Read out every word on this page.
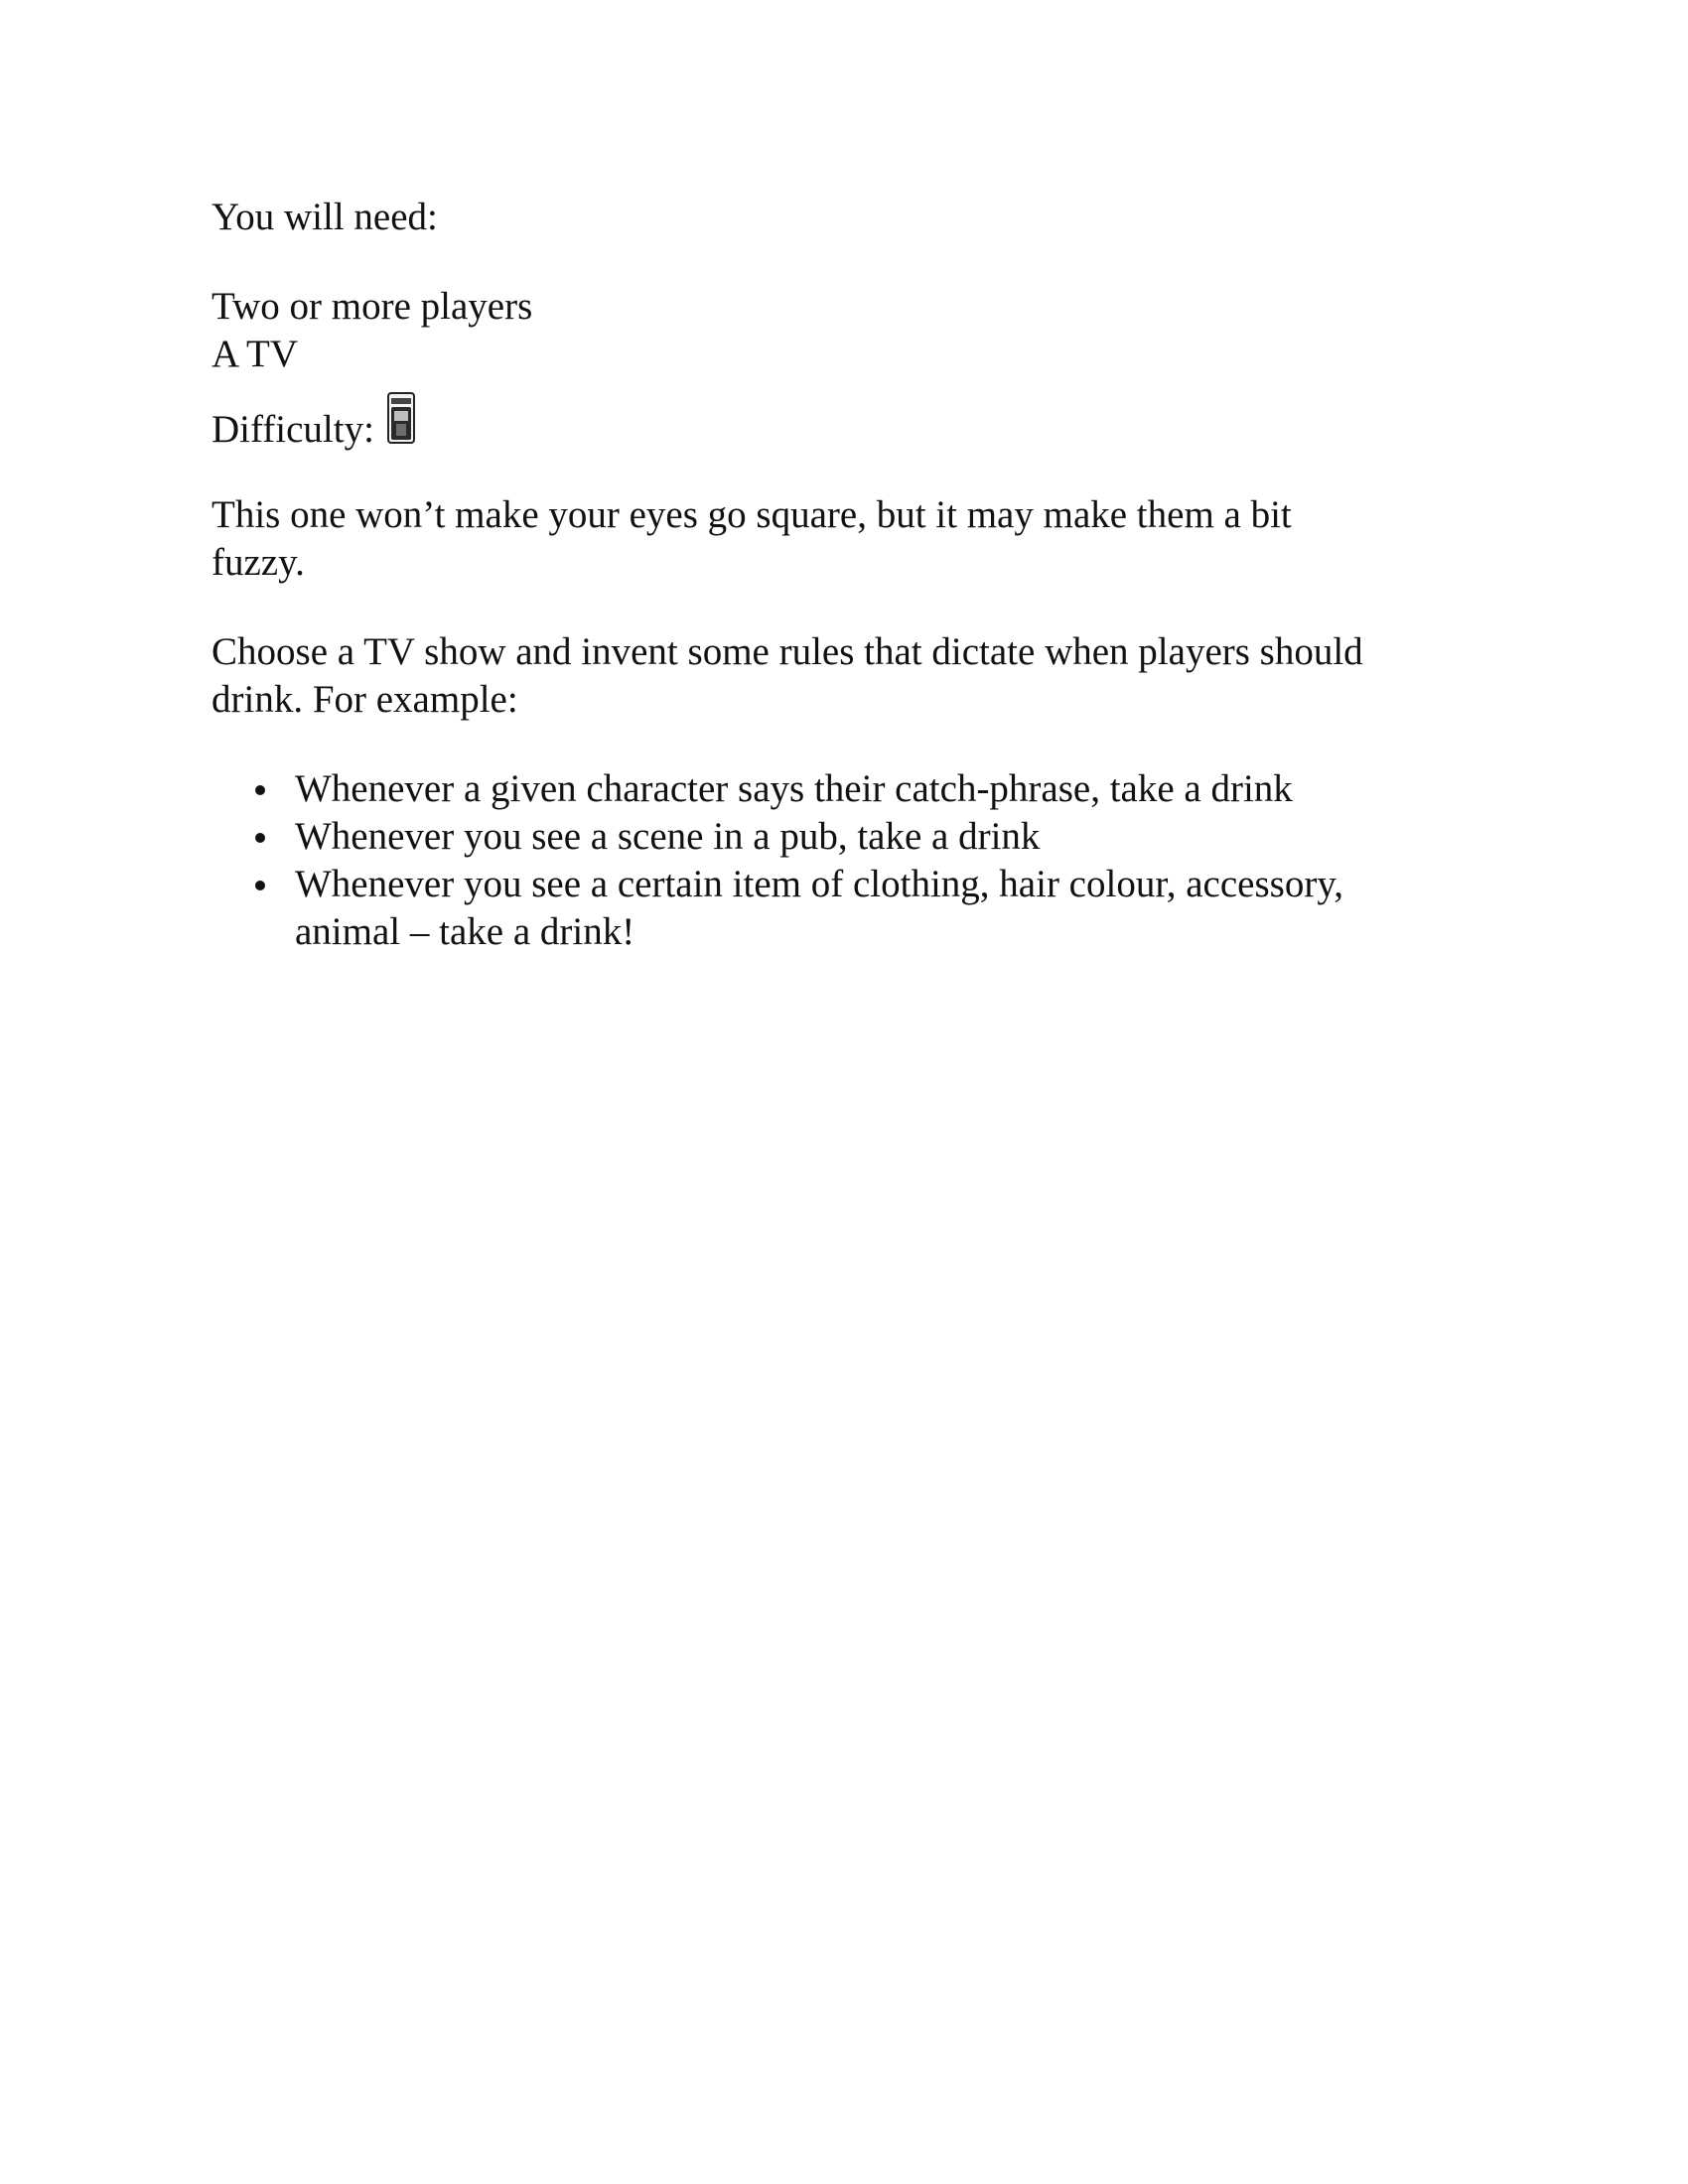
You will need:

Two or more players
A TV

Difficulty:

This one won’t make your eyes go square, but it may make them a bit
fuzzy.

Choose a TV show and invent some rules that dictate when players should
drink. For example:

Whenever a given character says their catch-phrase, take a drink
Whenever you see a scene in a pub, take a drink
Whenever you see a certain item of clothing, hair colour, accessory,
animal – take a drink!
